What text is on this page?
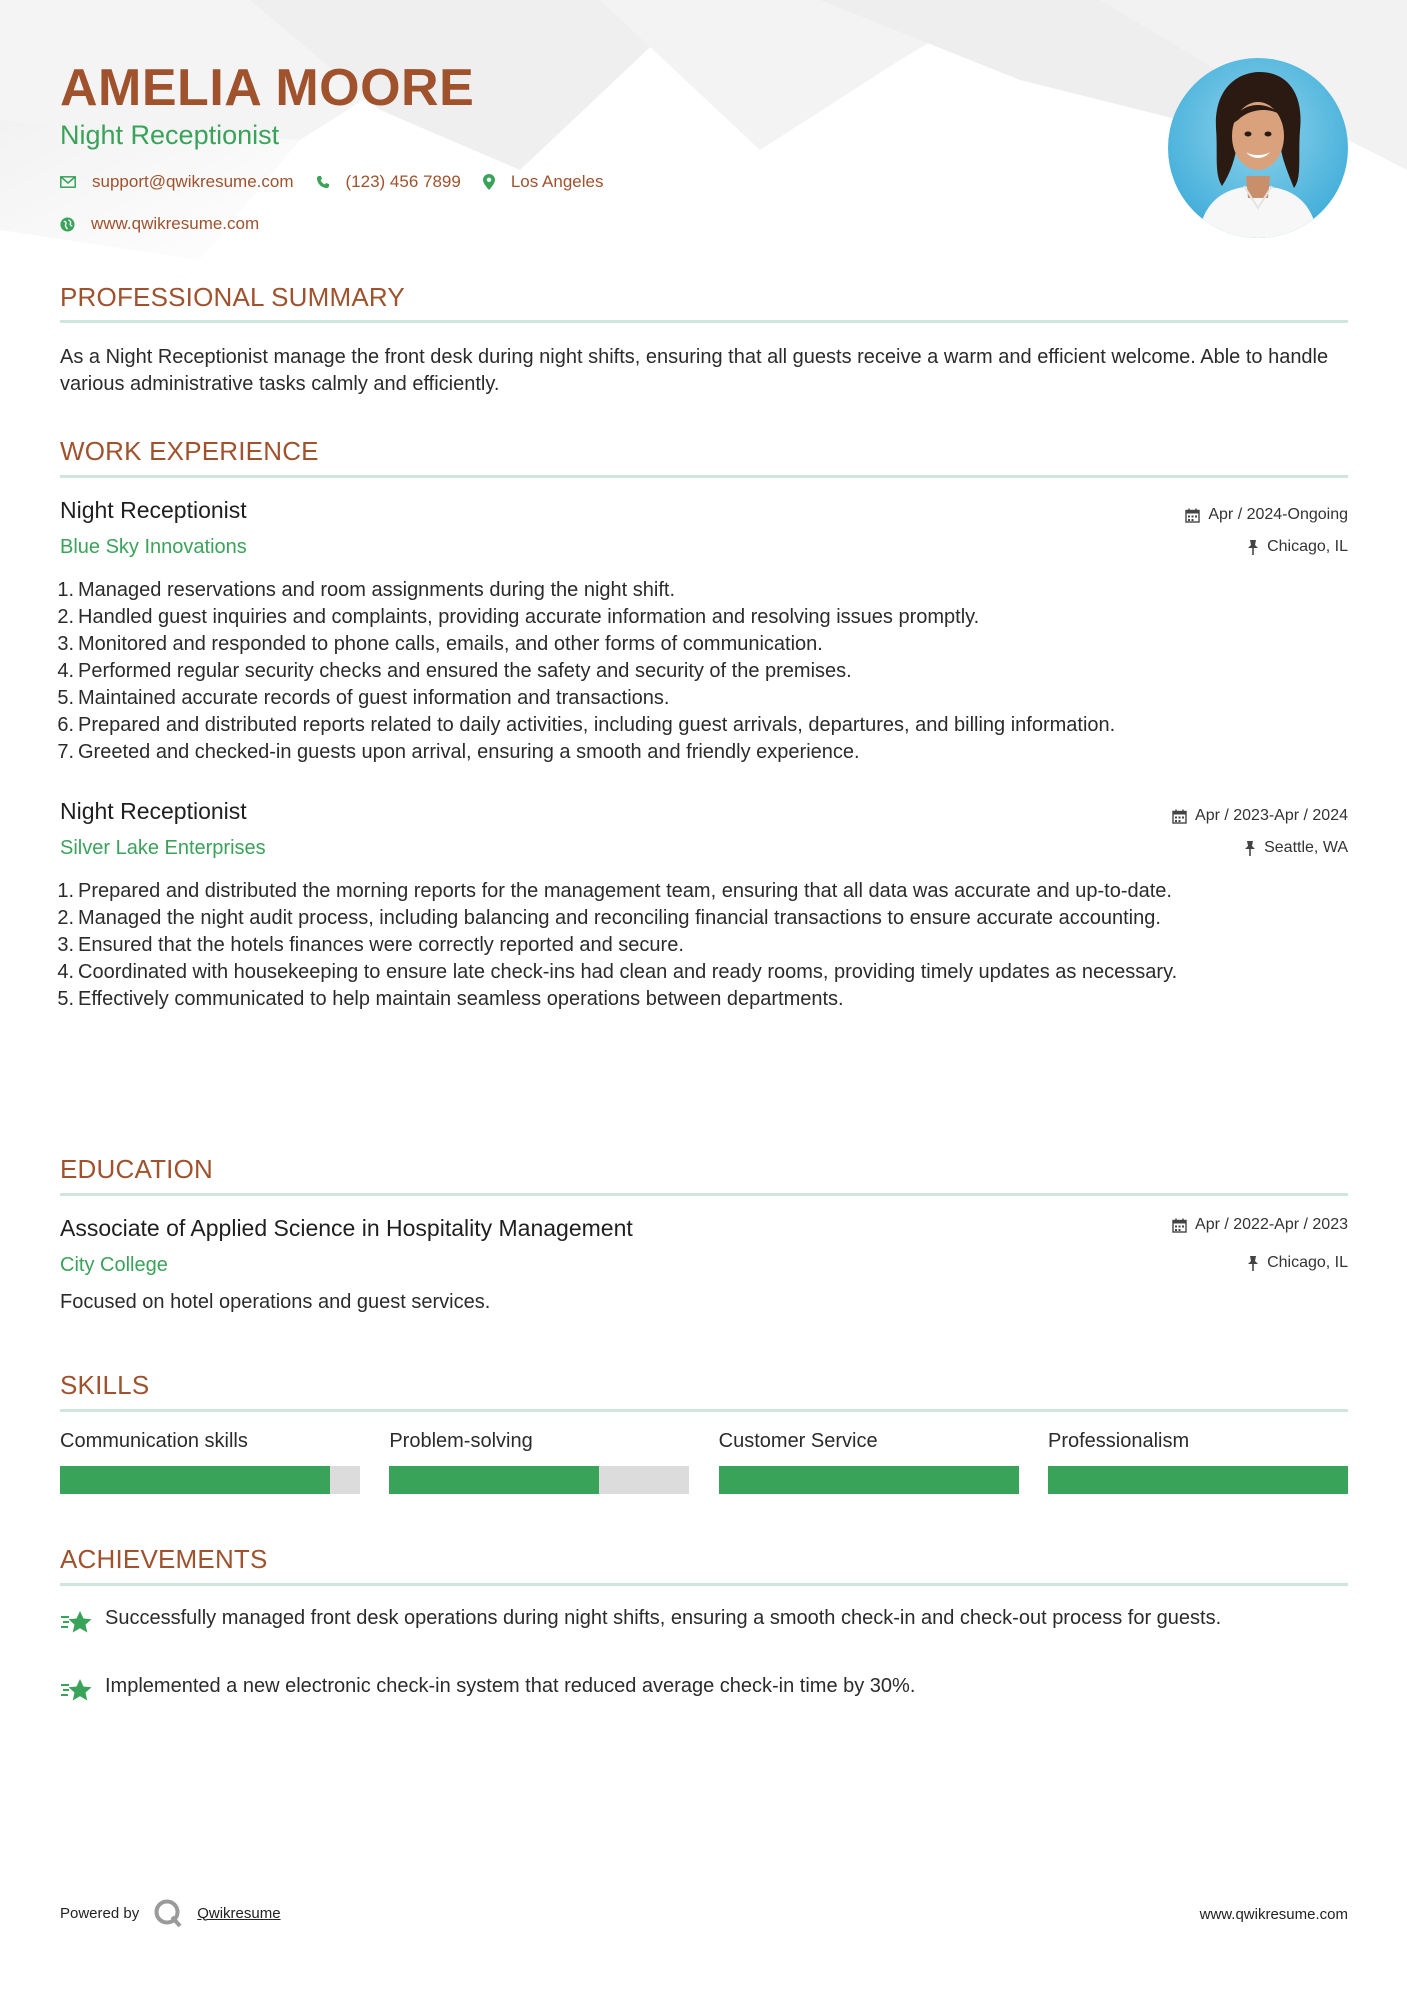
AMELIA MOORE
Night Receptionist
support@qwikresume.com	(123) 456 7899	Los Angeles
www.qwikresume.com
PROFESSIONAL SUMMARY
As a Night Receptionist manage the front desk during night shifts, ensuring that all guests receive a warm and efficient welcome. Able to handle various administrative tasks calmly and efficiently.
WORK EXPERIENCE
Night Receptionist	Apr / 2024-Ongoing
Blue Sky Innovations	Chicago, IL
Managed reservations and room assignments during the night shift.
Handled guest inquiries and complaints, providing accurate information and resolving issues promptly.
Monitored and responded to phone calls, emails, and other forms of communication.
Performed regular security checks and ensured the safety and security of the premises.
Maintained accurate records of guest information and transactions.
Prepared and distributed reports related to daily activities, including guest arrivals, departures, and billing information.
Greeted and checked-in guests upon arrival, ensuring a smooth and friendly experience.
Night Receptionist	Apr / 2023-Apr / 2024
Silver Lake Enterprises	Seattle, WA
Prepared and distributed the morning reports for the management team, ensuring that all data was accurate and up-to-date.
Managed the night audit process, including balancing and reconciling financial transactions to ensure accurate accounting.
Ensured that the hotels finances were correctly reported and secure.
Coordinated with housekeeping to ensure late check-ins had clean and ready rooms, providing timely updates as necessary.
Effectively communicated to help maintain seamless operations between departments.
EDUCATION
Associate of Applied Science in Hospitality Management	Apr / 2022-Apr / 2023
City College	Chicago, IL
Focused on hotel operations and guest services.
SKILLS
Communication skills	Problem-solving	Customer Service	Professionalism
ACHIEVEMENTS
Successfully managed front desk operations during night shifts, ensuring a smooth check-in and check-out process for guests.
Implemented a new electronic check-in system that reduced average check-in time by 30%.
Powered by	Qwikresume	www.qwikresume.com
